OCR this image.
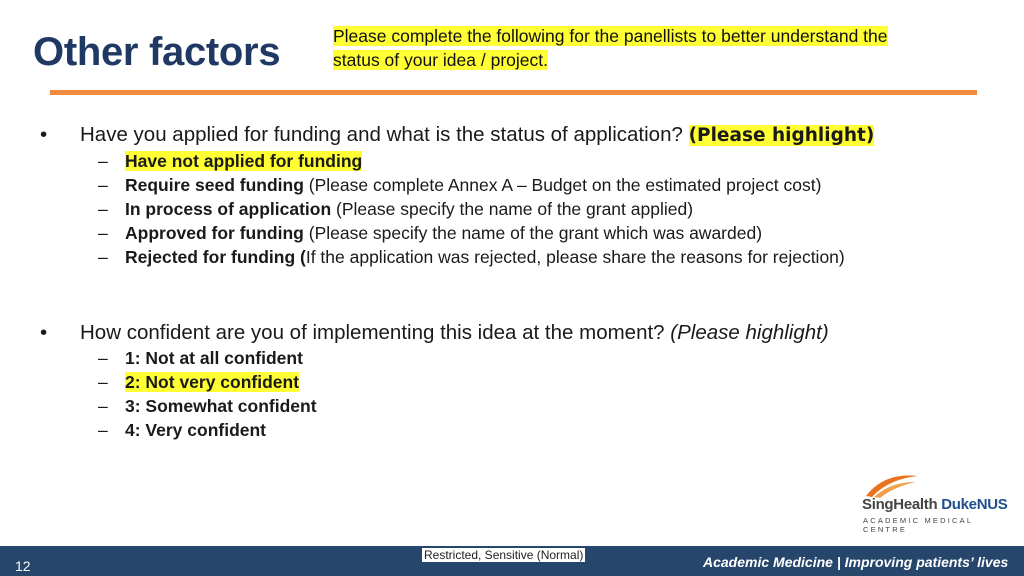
Other factors	Please complete the following for the panellists to better understand the
status of your idea / project.
• Have you applied for funding and what is the status of application? (Please highlight)
– Have not applied for funding
– Require seed funding (Please complete Annex A – Budget on the estimated project cost)
– In process of application (Please specify the name of the grant applied)
– Approved for funding (Please specify the name of the grant which was awarded)
– Rejected for funding (If the application was rejected, please share the reasons for rejection)
• How confident are you of implementing this idea at the moment? (Please highlight)
– 1: Not at all confident
– 2: Not very confident
– 3: Somewhat confident
– 4: Very confident
SingHealth DukeNUS
ACADEMIC MEDICAL CENTRE
12
Restricted, Sensitive (Normal)	Academic Medicine | Improving patients’ lives
